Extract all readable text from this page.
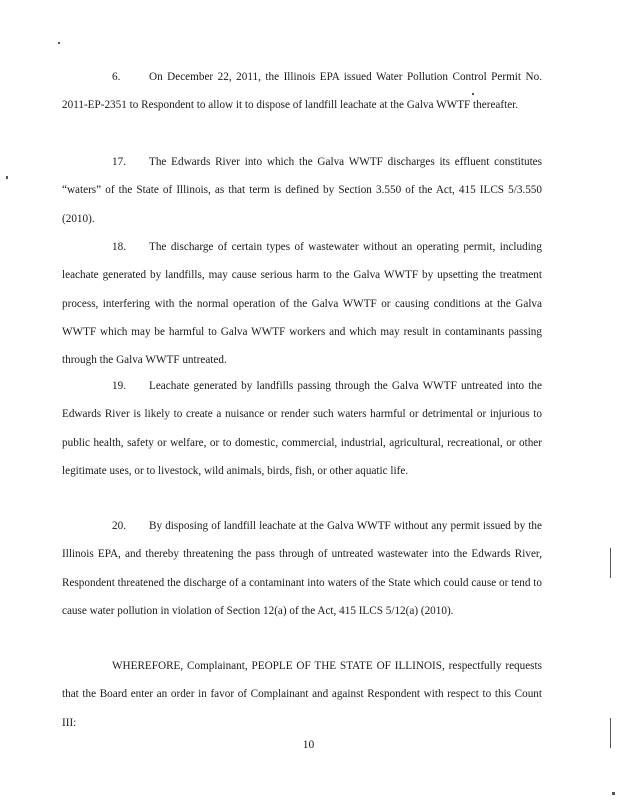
6.	On December 22, 2011, the Illinois EPA issued Water Pollution Control Permit No. 2011-EP-2351 to Respondent to allow it to dispose of landfill leachate at the Galva WWTF thereafter.

17. The Edwards River into which the Galva WWTF discharges its effluent constitutes “waters” of the State of Illinois, as that term is defined by Section 3.550 of the Act, 415 ILCS 5/3.550 (2010).

18. The discharge of certain types of wastewater without an operating permit, including leachate generated by landfills, may cause serious harm to the Galva WWTF by upsetting the treatment process, interfering with the normal operation of the Galva WWTF or causing conditions at the Galva WWTF which may be harmful to Galva WWTF workers and which may result in contaminants passing through the Galva WWTF untreated.

19. Leachate generated by landfills passing through the Galva WWTF untreated into the Edwards River is likely to create a nuisance or render such waters harmful or detrimental or injurious to public health, safety or welfare, or to domestic, commercial, industrial, agricultural, recreational, or other legitimate uses, or to livestock, wild animals, birds, fish, or other aquatic life.

20. By disposing of landfill leachate at the Galva WWTF without any permit issued by the Illinois EPA, and thereby threatening the pass through of untreated wastewater into the Edwards River, Respondent threatened the discharge of a contaminant into waters of the State which could cause or tend to cause water pollution in violation of Section 12(a) of the Act, 415 ILCS 5/12(a) (2010).

WHEREFORE, Complainant, PEOPLE OF THE STATE OF ILLINOIS, respectfully requests that the Board enter an order in favor of Complainant and against Respondent with respect to this Count III:

10
